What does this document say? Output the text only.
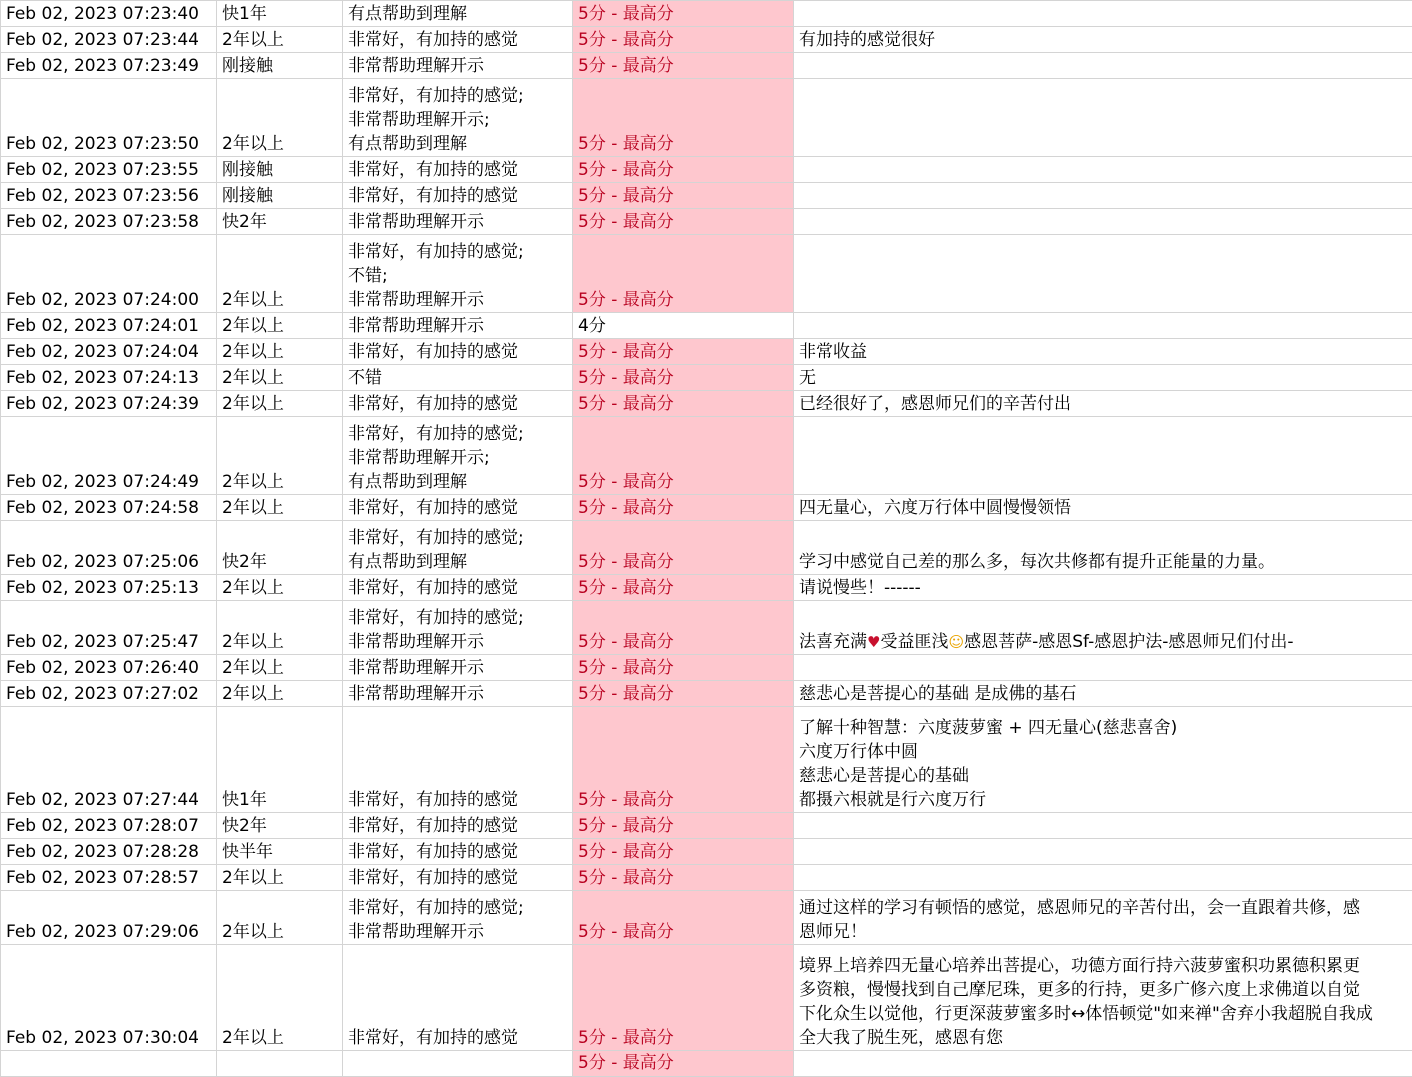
Feb 02, 2023 07:23:40	快1年	有点帮助到理解	5分 - 最高分	
Feb 02, 2023 07:23:44	2年以上	非常好，有加持的感觉	5分 - 最高分	有加持的感觉很好
Feb 02, 2023 07:23:49	刚接触	非常帮助理解开示	5分 - 最高分	
Feb 02, 2023 07:23:50	2年以上	非常好，有加持的感觉;
非常帮助理解开示;
有点帮助到理解	5分 - 最高分	
Feb 02, 2023 07:23:55	刚接触	非常好，有加持的感觉	5分 - 最高分	
Feb 02, 2023 07:23:56	刚接触	非常好，有加持的感觉	5分 - 最高分	
Feb 02, 2023 07:23:58	快2年	非常帮助理解开示	5分 - 最高分	
Feb 02, 2023 07:24:00	2年以上	非常好，有加持的感觉;
不错;
非常帮助理解开示	5分 - 最高分	
Feb 02, 2023 07:24:01	2年以上	非常帮助理解开示	4分	
Feb 02, 2023 07:24:04	2年以上	非常好，有加持的感觉	5分 - 最高分	非常收益
Feb 02, 2023 07:24:13	2年以上	不错	5分 - 最高分	无
Feb 02, 2023 07:24:39	2年以上	非常好，有加持的感觉	5分 - 最高分	已经很好了，感恩师兄们的辛苦付出
Feb 02, 2023 07:24:49	2年以上	非常好，有加持的感觉;
非常帮助理解开示;
有点帮助到理解	5分 - 最高分	
Feb 02, 2023 07:24:58	2年以上	非常好，有加持的感觉	5分 - 最高分	四无量心，六度万行体中圆慢慢领悟
Feb 02, 2023 07:25:06	快2年	非常好，有加持的感觉;
有点帮助到理解	5分 - 最高分	学习中感觉自己差的那么多，每次共修都有提升正能量的力量。
Feb 02, 2023 07:25:13	2年以上	非常好，有加持的感觉	5分 - 最高分	请说慢些！------
Feb 02, 2023 07:25:47	2年以上	非常好，有加持的感觉;
非常帮助理解开示	5分 - 最高分	法喜充满♥受益匪浅☺感恩菩萨-感恩Sf-感恩护法-感恩师兄们付出-
Feb 02, 2023 07:26:40	2年以上	非常帮助理解开示	5分 - 最高分	
Feb 02, 2023 07:27:02	2年以上	非常帮助理解开示	5分 - 最高分	慈悲心是菩提心的基础 是成佛的基石
Feb 02, 2023 07:27:44	快1年	非常好，有加持的感觉	5分 - 最高分	了解十种智慧：六度菠萝蜜 + 四无量心(慈悲喜舍)
六度万行体中圆
慈悲心是菩提心的基础
都摄六根就是行六度万行
Feb 02, 2023 07:28:07	快2年	非常好，有加持的感觉	5分 - 最高分	
Feb 02, 2023 07:28:28	快半年	非常好，有加持的感觉	5分 - 最高分	
Feb 02, 2023 07:28:57	2年以上	非常好，有加持的感觉	5分 - 最高分	
Feb 02, 2023 07:29:06	2年以上	非常好，有加持的感觉;
非常帮助理解开示	5分 - 最高分	通过这样的学习有顿悟的感觉，感恩师兄的辛苦付出，会一直跟着共修，感
恩师兄！
Feb 02, 2023 07:30:04	2年以上	非常好，有加持的感觉	5分 - 最高分	境界上培养四无量心培养出菩提心，功德方面行持六菠萝蜜积功累德积累更
多资粮，慢慢找到自己摩尼珠，更多的行持，更多广修六度上求佛道以自觉
下化众生以觉他，行更深菠萝蜜多时↔体悟顿觉"如来禅"舍弃小我超脱自我成
全大我了脱生死，感恩有您
			5分 - 最高分	
